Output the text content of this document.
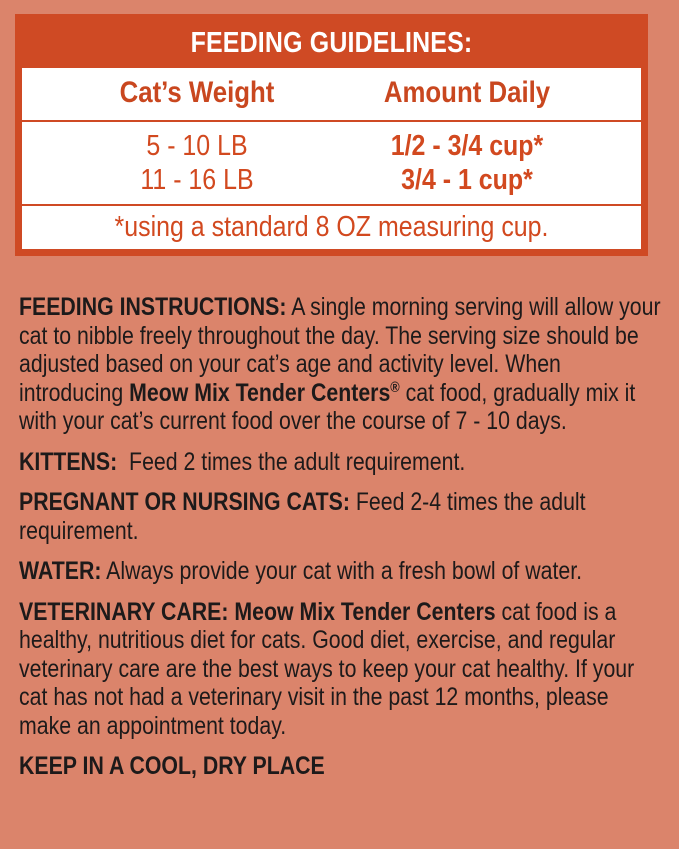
FEEDING GUIDELINES:
Cat’s Weight	Amount Daily
5 - 10 LB	1/2 - 3/4 cup*
11 - 16 LB	3/4 - 1 cup*
*using a standard 8 OZ measuring cup.

FEEDING INSTRUCTIONS: A single morning serving will allow your cat to nibble freely throughout the day. The serving size should be adjusted based on your cat’s age and activity level. When introducing Meow Mix Tender Centers® cat food, gradually mix it with your cat’s current food over the course of 7 - 10 days.

KITTENS:  Feed 2 times the adult requirement.

PREGNANT OR NURSING CATS: Feed 2-4 times the adult requirement.

WATER: Always provide your cat with a fresh bowl of water.

VETERINARY CARE: Meow Mix Tender Centers cat food is a healthy, nutritious diet for cats. Good diet, exercise, and regular veterinary care are the best ways to keep your cat healthy. If your cat has not had a veterinary visit in the past 12 months, please make an appointment today.

KEEP IN A COOL, DRY PLACE
